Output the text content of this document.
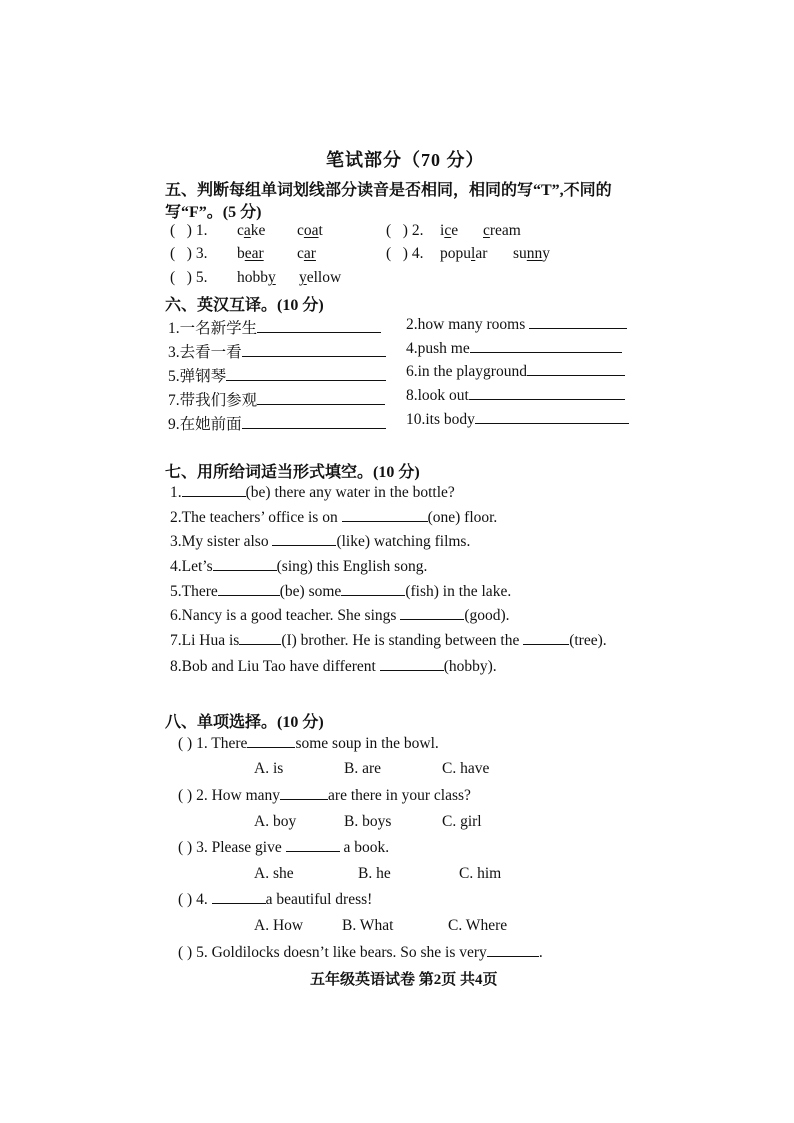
笔试部分（70 分）
五、判断每组单词划线部分读音是否相同，相同的写“T”,不同的
写“F”。(5 分)
(   ) 1. cake coat	(   ) 2. ice cream
(   ) 3. bear car	(   ) 4. popular sunny
(   ) 5. hobby yellow
六、英汉互译。(10 分)
1.一名新学生	2.how many rooms
3.去看一看	4.push me
5.弹钢琴	6.in the playground
7.带我们参观	8.look out
9.在她前面	10.its body
七、用所给词适当形式填空。(10 分)
1.	(be) there any water in the bottle?
2.The teachers’ office is on	(one) floor.
3.My sister also	(like) watching films.
4.Let’s	(sing) this English song.
5.There	(be) some	(fish) in the lake.
6.Nancy is a good teacher. She sings	(good).
7.Li Hua is	(I) brother. He is standing between the	(tree).
8.Bob and Liu Tao have different	(hobby).
八、单项选择。(10 分)
( ) 1. There	some soup in the bowl.
A. is	B. are	C. have
( ) 2. How many	are there in your class?
A. boy	B. boys	C. girl
( ) 3. Please give	a book.
A. she	B. he	C. him
( ) 4.	a beautiful dress!
A. How	B. What	C. Where
( ) 5. Goldilocks doesn’t like bears. So she is very	.
五年级英语试卷 第2页 共4页
